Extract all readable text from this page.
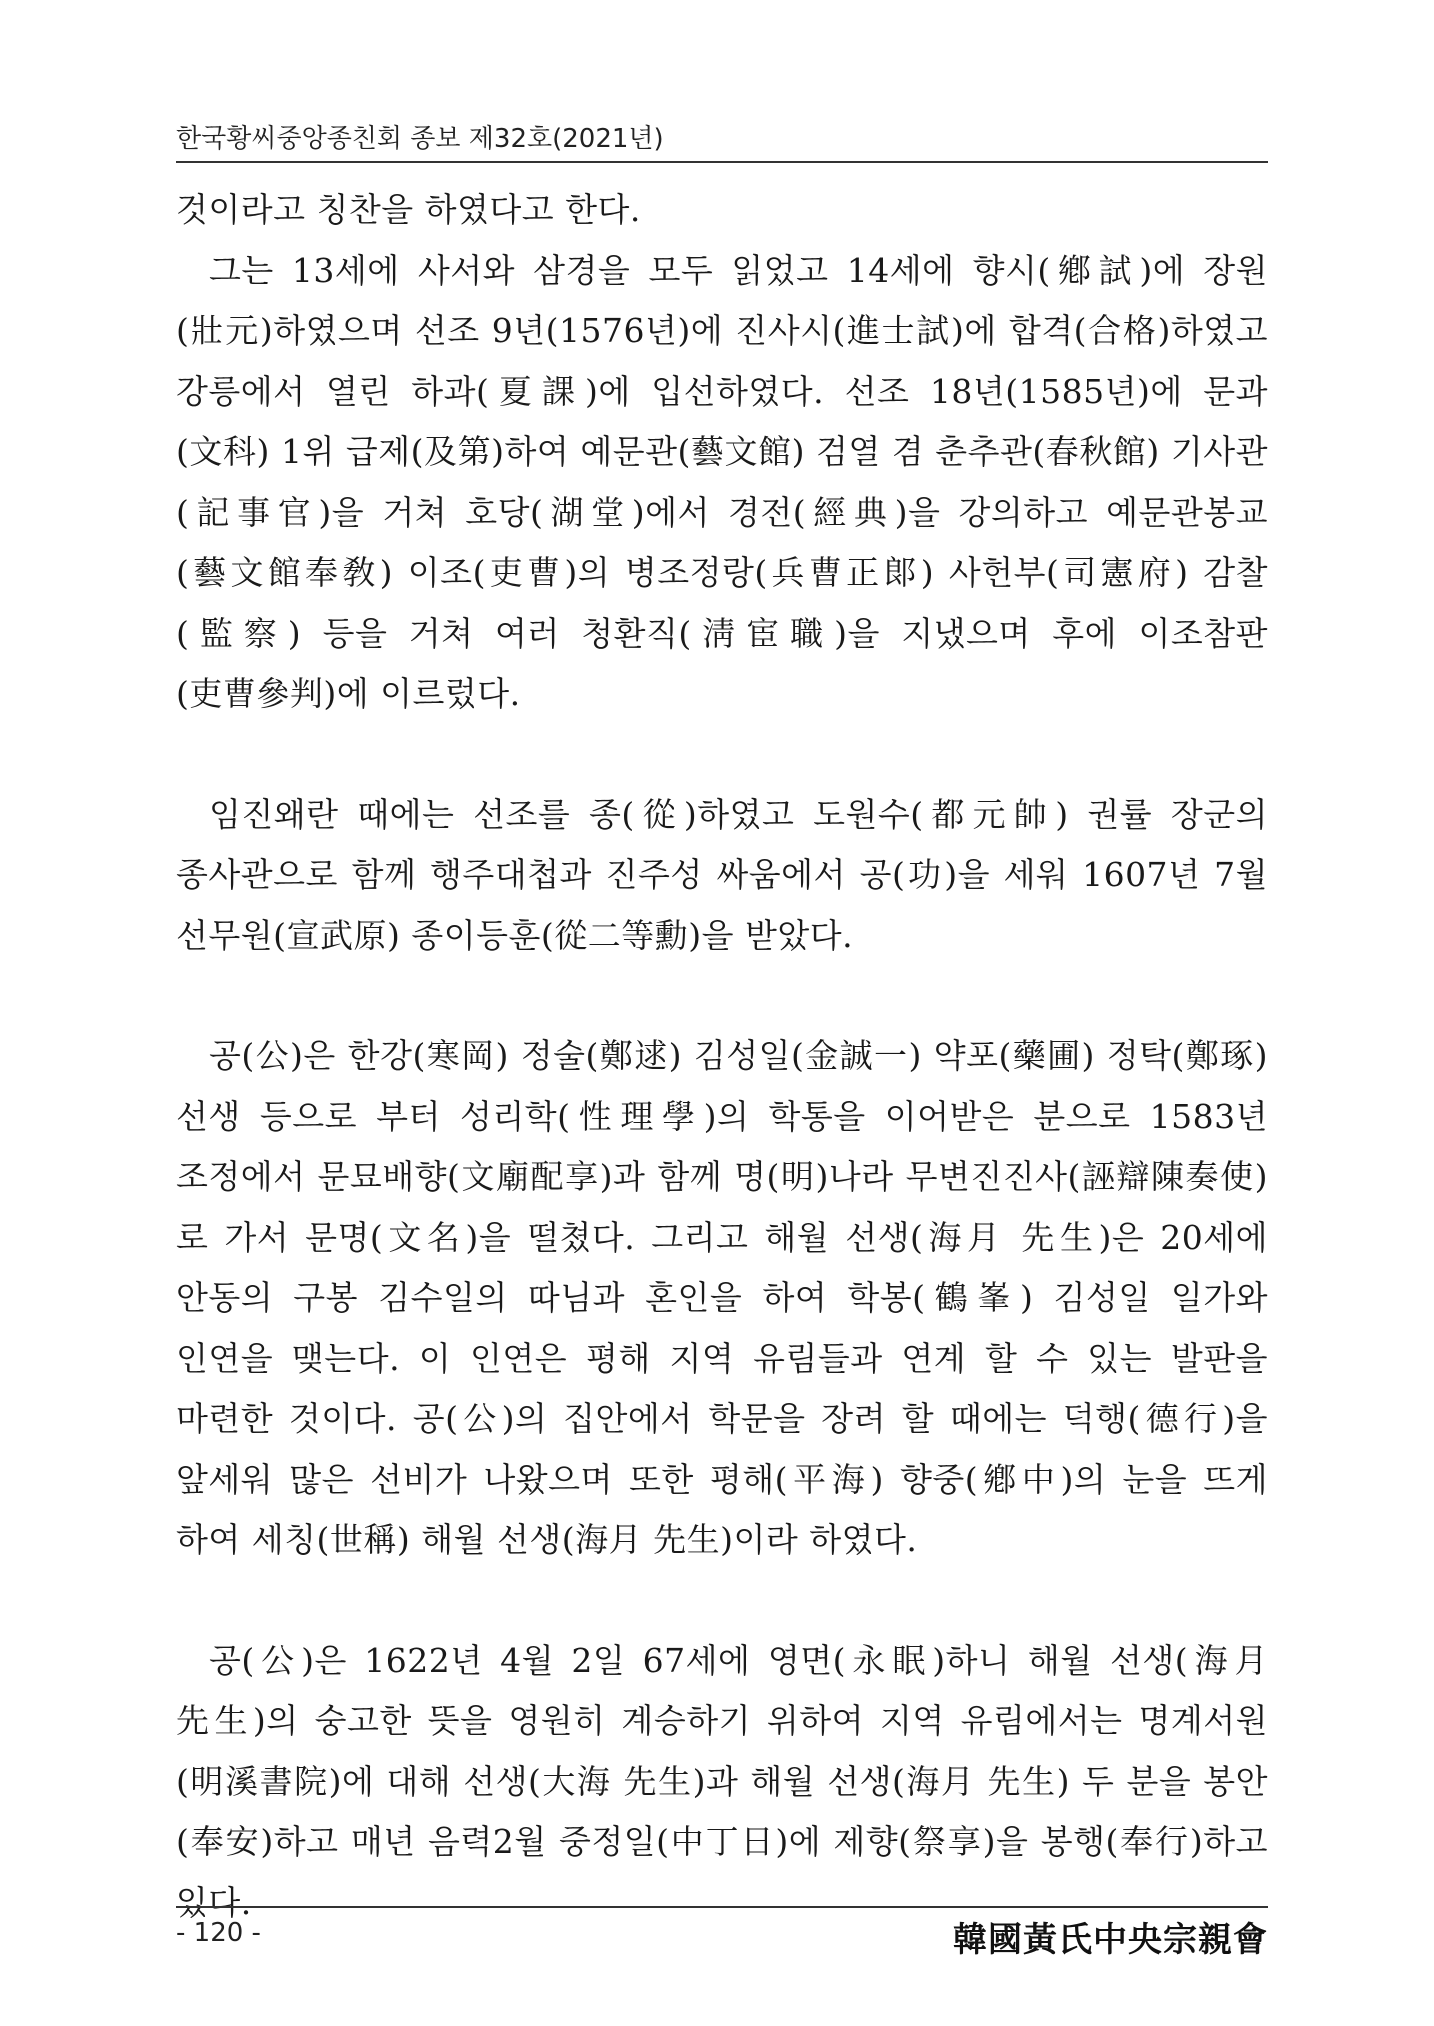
한국황씨중앙종친회 종보 제32호(2021년)

것이라고 칭찬을 하였다고 한다.

그는 13세에 사서와 삼경을 모두 읽었고 14세에 향시(鄕試)에 장원(壯元)하였으며 선조 9년(1576년)에 진사시(進士試)에 합격(合格)하였고 강릉에서 열린 하과(夏課)에 입선하였다. 선조 18년(1585년)에 문과(文科) 1위 급제(及第)하여 예문관(藝文館) 검열 겸 춘추관(春秋館) 기사관(記事官)을 거쳐 호당(湖堂)에서 경전(經典)을 강의하고 예문관봉교(藝文館奉敎) 이조(吏曹)의 병조정랑(兵曹正郞) 사헌부(司憲府) 감찰(監察) 등을 거쳐 여러 청환직(淸宦職)을 지냈으며 후에 이조참판(吏曹參判)에 이르렀다.

임진왜란 때에는 선조를 종(從)하였고 도원수(都元帥) 권률 장군의 종사관으로 함께 행주대첩과 진주성 싸움에서 공(功)을 세워 1607년 7월 선무원(宣武原) 종이등훈(從二等勳)을 받았다.

공(公)은 한강(寒岡) 정술(鄭逑) 김성일(金誠一) 약포(藥圃) 정탁(鄭琢) 선생 등으로 부터 성리학(性理學)의 학통을 이어받은 분으로 1583년 조정에서 문묘배향(文廟配享)과 함께 명(明)나라 무변진진사(誣辯陳奏使)로 가서 문명(文名)을 떨쳤다. 그리고 해월 선생(海月 先生)은 20세에 안동의 구봉 김수일의 따님과 혼인을 하여 학봉(鶴峯) 김성일 일가와 인연을 맺는다. 이 인연은 평해 지역 유림들과 연계 할 수 있는 발판을 마련한 것이다. 공(公)의 집안에서 학문을 장려 할 때에는 덕행(德行)을 앞세워 많은 선비가 나왔으며 또한 평해(平海) 향중(鄕中)의 눈을 뜨게 하여 세칭(世稱) 해월 선생(海月 先生)이라 하였다.

공(公)은 1622년 4월 2일 67세에 영면(永眠)하니 해월 선생(海月 先生)의 숭고한 뜻을 영원히 계승하기 위하여 지역 유림에서는 명계서원(明溪書院)에 대해 선생(大海 先生)과 해월 선생(海月 先生) 두 분을 봉안(奉安)하고 매년 음력2월 중정일(中丁日)에 제향(祭享)을 봉행(奉行)하고 있다.

- 120 -	韓國黃氏中央宗親會
